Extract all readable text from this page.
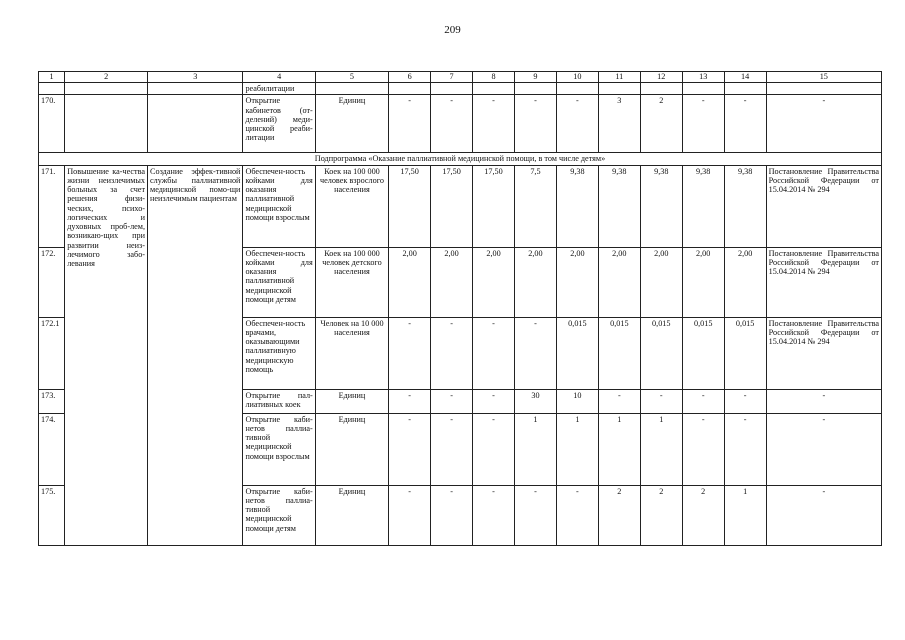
209
1	2	3	4	5	6	7	8	9	10	11	12	13	14	15
			реабилитации											
170.			Открытие кабинетов (от-делений) меди-цинской реаби-литации	Единиц	-	-	-	-	-	3	2	-	-	-
Подпрограмма «Оказание паллиативной медицинской помощи, в том числе детям»														
171.	Повышение ка-чества жизни неизлечимых больных за счет решения физи-ческих, психо-логических и духовных проб-лем, возникаю-щих при развитии неиз-лечимого забо-левания	Создание эффек-тивной службы паллиативной медицинской помо-щи неизлечимым пациентам	Обеспечен-ность койками для оказания паллиативной медицинской помощи взрослым	Коек на 100 000 человек взрослого населения	17,50	17,50	17,50	7,5	9,38	9,38	9,38	9,38	9,38	Постановление Правительства Российской Федерации от 15.04.2014 № 294
172.			Обеспечен-ность койками для оказания паллиативной медицинской помощи детям	Коек на 100 000 человек детского населения	2,00	2,00	2,00	2,00	2,00	2,00	2,00	2,00	2,00	Постановление Правительства Российской Федерации от 15.04.2014 № 294
172.1			Обеспечен-ность врачами, оказывающими паллиативную медицинскую помощь	Человек на 10 000 населения	-	-	-	-	0,015	0,015	0,015	0,015	0,015	Постановление Правительства Российской Федерации от 15.04.2014 № 294
173.			Открытие пал-лиативных коек	Единиц	-	-	-	30	10	-	-	-	-	-
174.			Открытие каби-нетов паллиа-тивной медицинской помощи взрослым	Единиц	-	-	-	1	1	1	1	-	-	-
175.			Открытие каби-нетов паллиа-тивной медицинской помощи детям	Единиц	-	-	-	-	-	2	2	2	1	-
